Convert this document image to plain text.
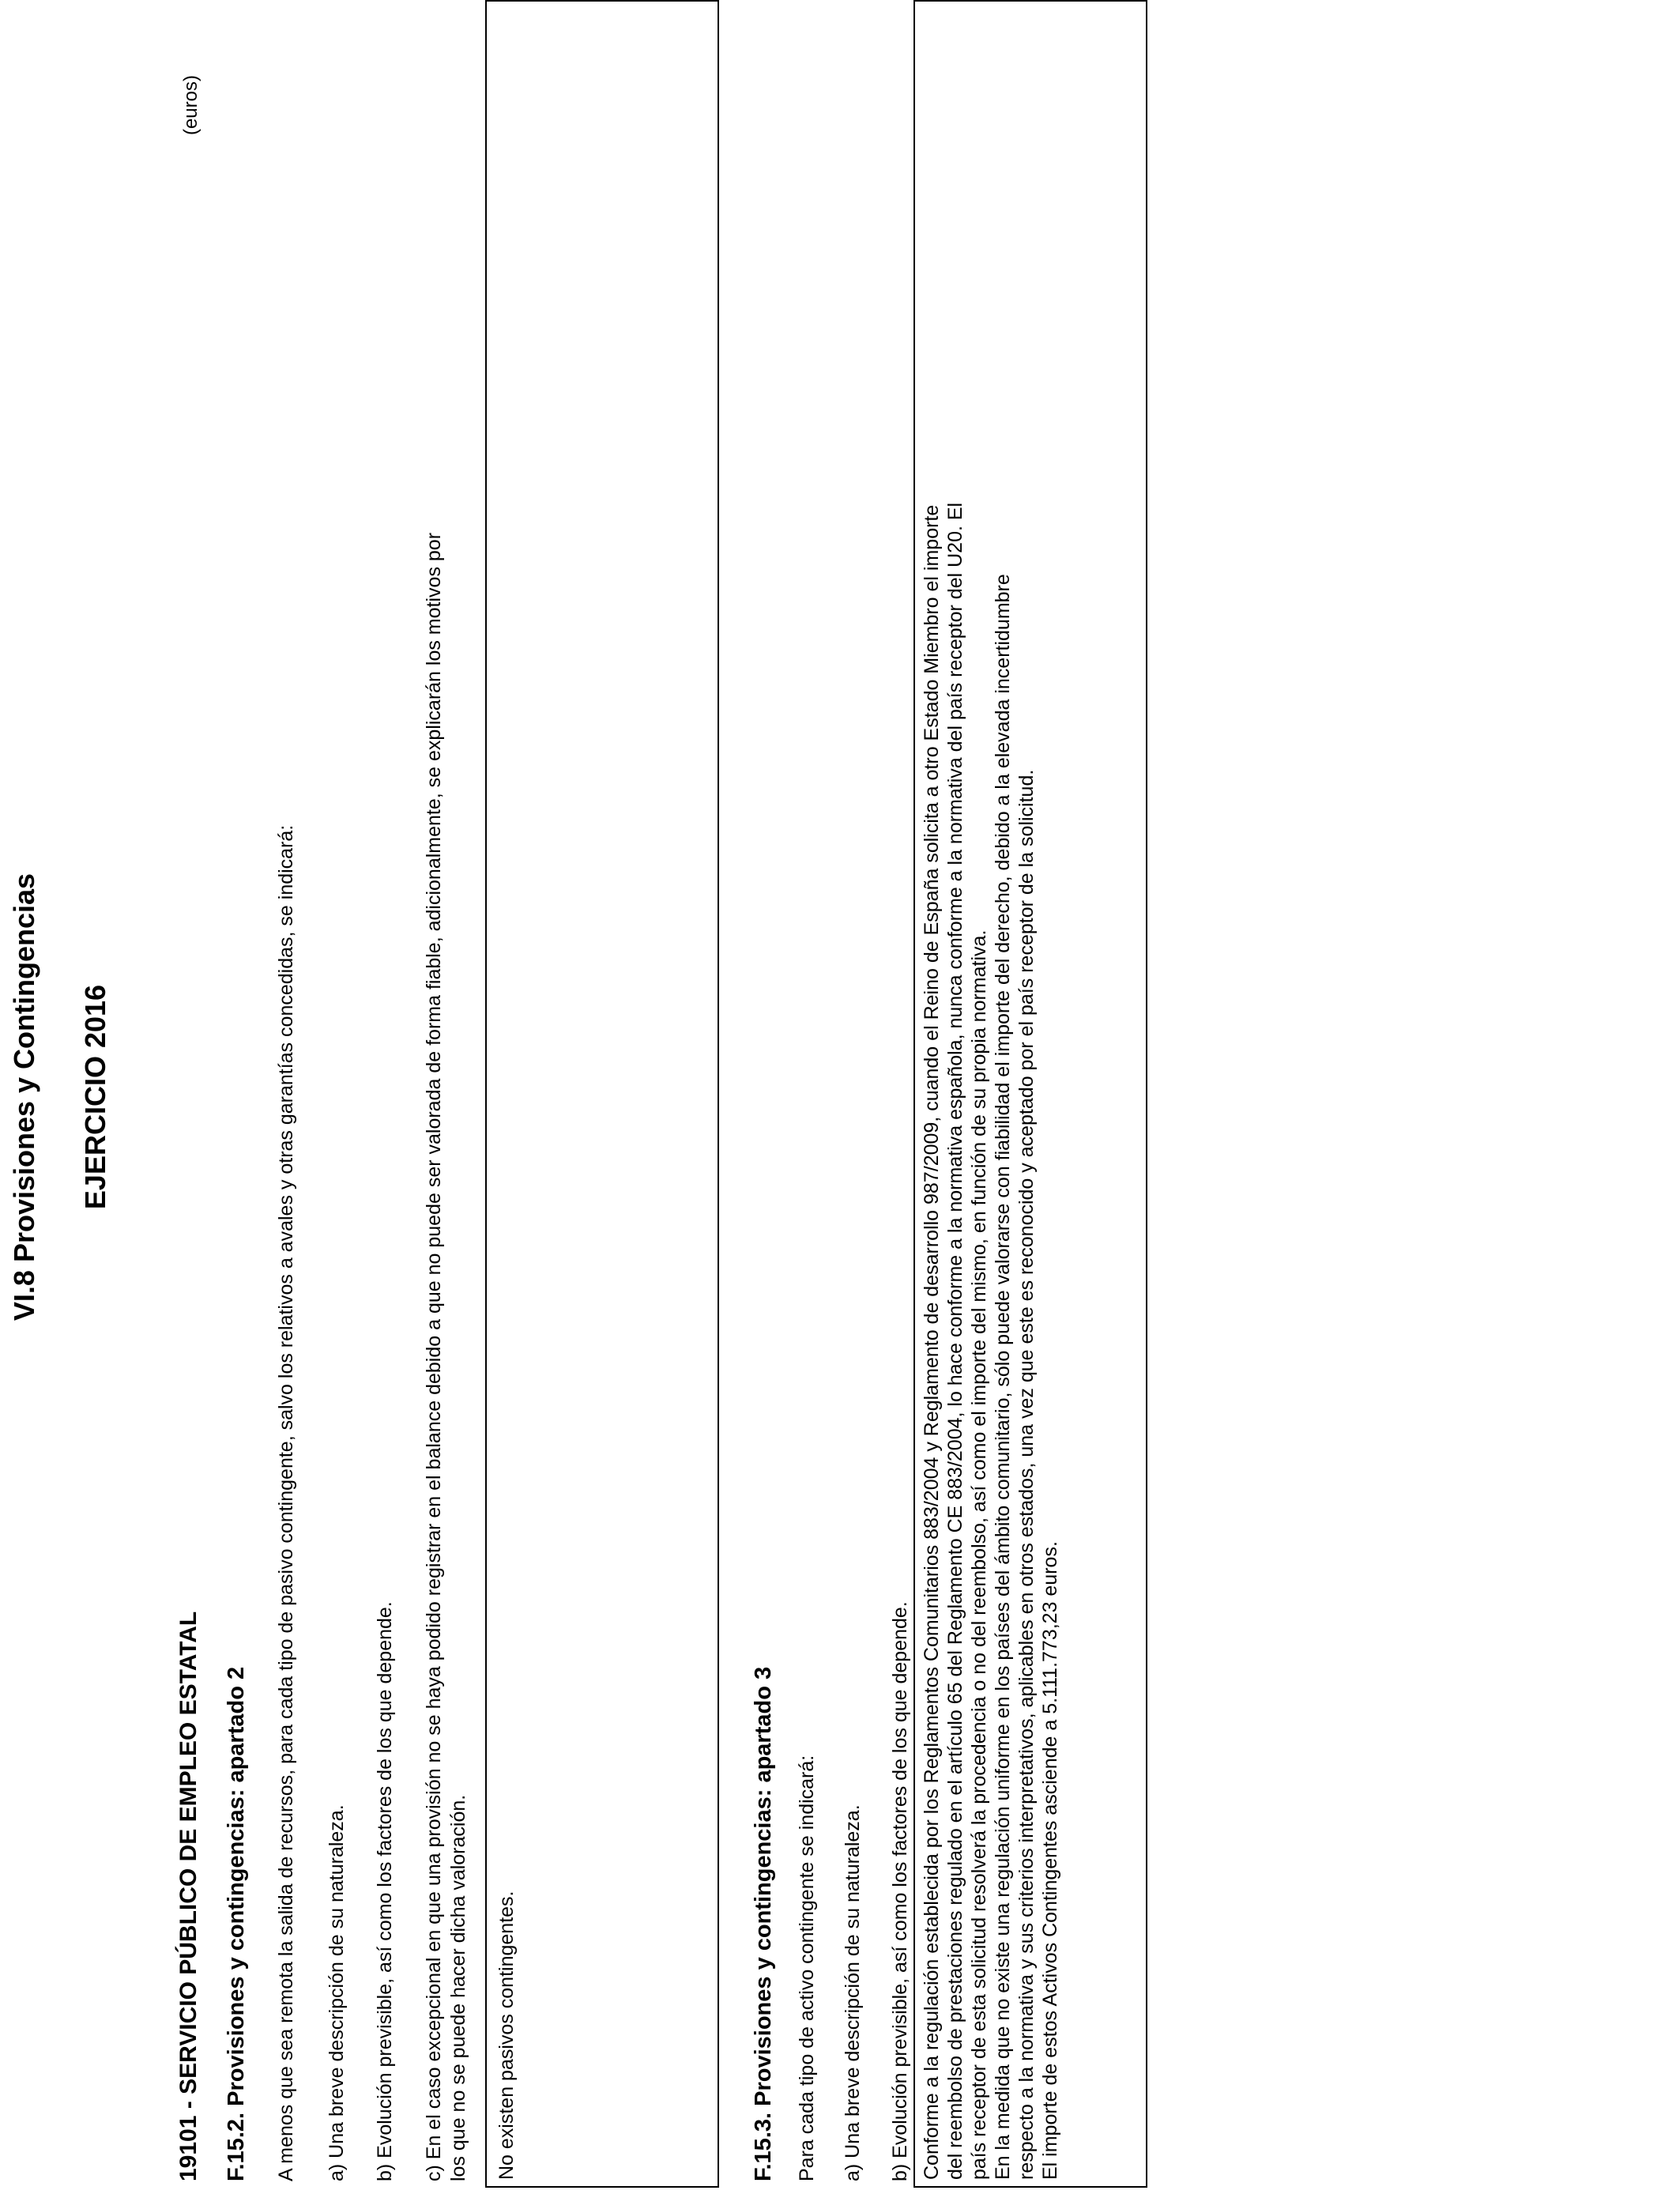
VI.8 Provisiones y Contingencias EJERCICIO 2016
(euros)
19101 - SERVICIO PÚBLICO DE EMPLEO ESTATAL F.15.2. Provisiones y contingencias: apartado 2 A menos que sea remota la salida de recursos, para cada tipo de pasivo contingente, salvo los relativos a avales y otras garantías concedidas, se indicará: a) Una breve descripción de su naturaleza. b) Evolución previsible, así como los factores de los que depende. c) En el caso excepcional en que una provisión no se haya podido registrar en el balance debido a que no puede ser valorada de forma fiable, adicionalmente, se explicarán los motivos por los que no se puede hacer dicha valoración. No existen pasivos contingentes.	F.15.3. Provisiones y contingencias: apartado 3 Para cada tipo de activo contingente se indicará: a) Una breve descripción de su naturaleza. b) Evolución previsible, así como los factores de los que depende. Conforme a la regulación establecida por los Reglamentos Comunitarios 883/2004 y Reglamento de desarrollo 987/2009, cuando el Reino de España solicita a otro Estado Miembro el importe del reembolso de prestaciones regulado en el artículo 65 del Reglamento CE 883/2004, lo hace conforme a la normativa española, nunca conforme a la normativa del país receptor del U20. El país receptor de esta solicitud resolverá la procedencia o no del reembolso, así como el importe del mismo, en función de su propia normativa. En la medida que no existe una regulación uniforme en los países del ámbito comunitario, sólo puede valorarse con fiabilidad el importe del derecho, debido a la elevada incertidumbre respecto a la normativa y sus criterios interpretativos, aplicables en otros estados, una vez que este es reconocido y aceptado por el país receptor de la solicitud. El importe de estos Activos Contingentes asciende a 5.111.773,23 euros.
